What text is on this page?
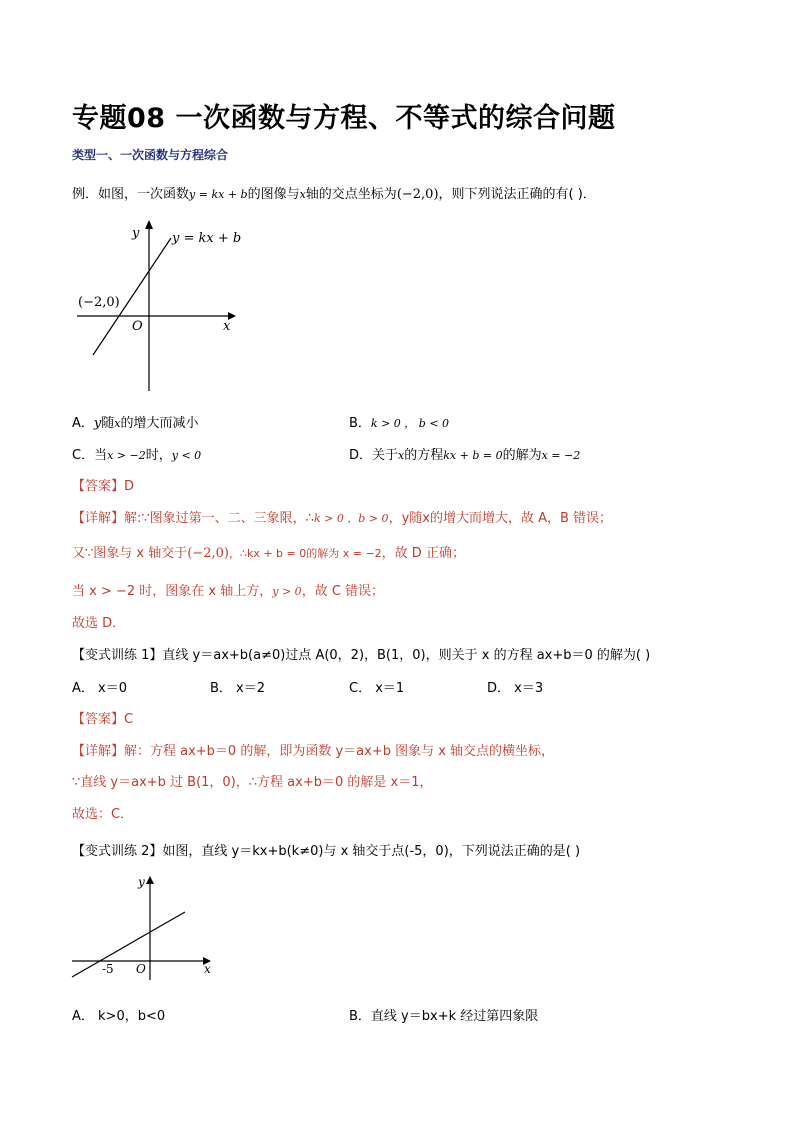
专题08 一次函数与方程、不等式的综合问题
类型一、一次函数与方程综合
例．如图，一次函数y = kx + b的图像与x轴的交点坐标为(−2,0)，则下列说法正确的有( )．
y
x
O
y = kx + b
(−2,0)
A．y随x的增大而减小	B．k > 0 ， b < 0
C．当x > −2时，y < 0	D．关于x的方程kx + b = 0的解为x = −2
【答案】D
【详解】解:∵图象过第一、二、三象限，∴k > 0 ，b > 0，y随x的增大而增大，故 A，B 错误；
又∵图象与 x 轴交于(−2,0)，∴kx + b = 0的解为 x = −2，故 D 正确；
当 x > −2 时，图象在 x 轴上方，y > 0，故 C 错误；
故选 D．
【变式训练 1】直线 y＝ax+b(a≠0)过点 A(0，2)，B(1，0)，则关于 x 的方程 ax+b＝0 的解为( )
A． x＝0	B． x＝2	C． x＝1	D． x＝3
【答案】C
【详解】解：方程 ax+b＝0 的解，即为函数 y＝ax+b 图象与 x 轴交点的横坐标，
∵直线 y＝ax+b 过 B(1，0)，∴方程 ax+b＝0 的解是 x＝1，
故选：C．
【变式训练 2】如图，直线 y＝kx+b(k≠0)与 x 轴交于点(-5，0)，下列说法正确的是( )
y
x
O
-5
A． k>0，b<0	B．直线 y＝bx+k 经过第四象限
